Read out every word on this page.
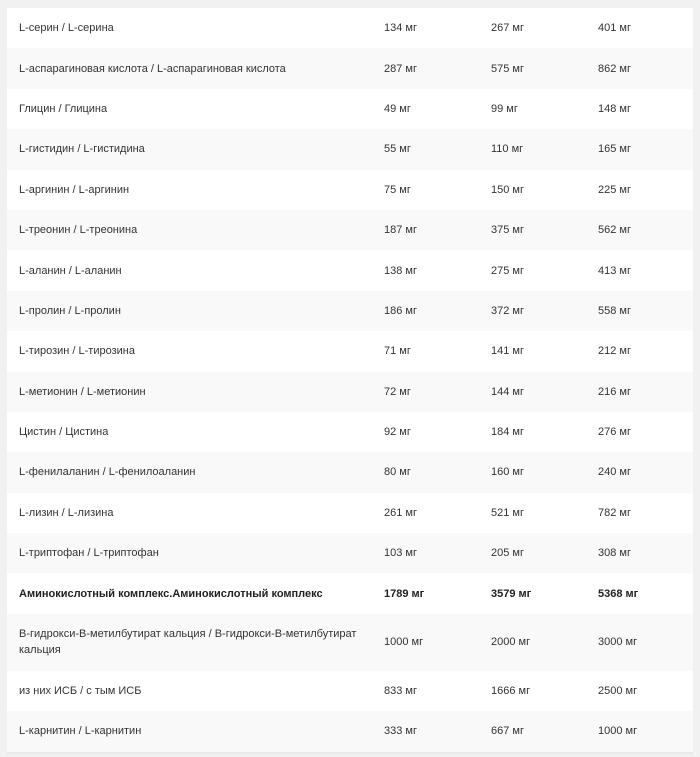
L-серин / L-серина	134 мг	267 мг	401 мг
L-аспарагиновая кислота / L-аспарагиновая кислота	287 мг	575 мг	862 мг
Глицин / Глицина	49 мг	99 мг	148 мг
L-гистидин / L-гистидина	55 мг	110 мг	165 мг
L-аргинин / L-аргинин	75 мг	150 мг	225 мг
L-треонин / L-треонина	187 мг	375 мг	562 мг
L-аланин / L-аланин	138 мг	275 мг	413 мг
L-пролин / L-пролин	186 мг	372 мг	558 мг
L-тирозин / L-тирозина	71 мг	141 мг	212 мг
L-метионин / L-метионин	72 мг	144 мг	216 мг
Цистин / Цистина	92 мг	184 мг	276 мг
L-фенилаланин / L-фенилоаланин	80 мг	160 мг	240 мг
L-лизин / L-лизина	261 мг	521 мг	782 мг
L-триптофан / L-триптофан	103 мг	205 мг	308 мг
Аминокислотный комплекс.Аминокислотный комплекс	1789 мг	3579 мг	5368 мг
В-гидрокси-В-метилбутират кальция / В-гидрокси-В-метилбутират кальция	1000 мг	2000 мг	3000 мг
из них ИСБ / с тым ИСБ	833 мг	1666 мг	2500 мг
L-карнитин / L-карнитин	333 мг	667 мг	1000 мг
